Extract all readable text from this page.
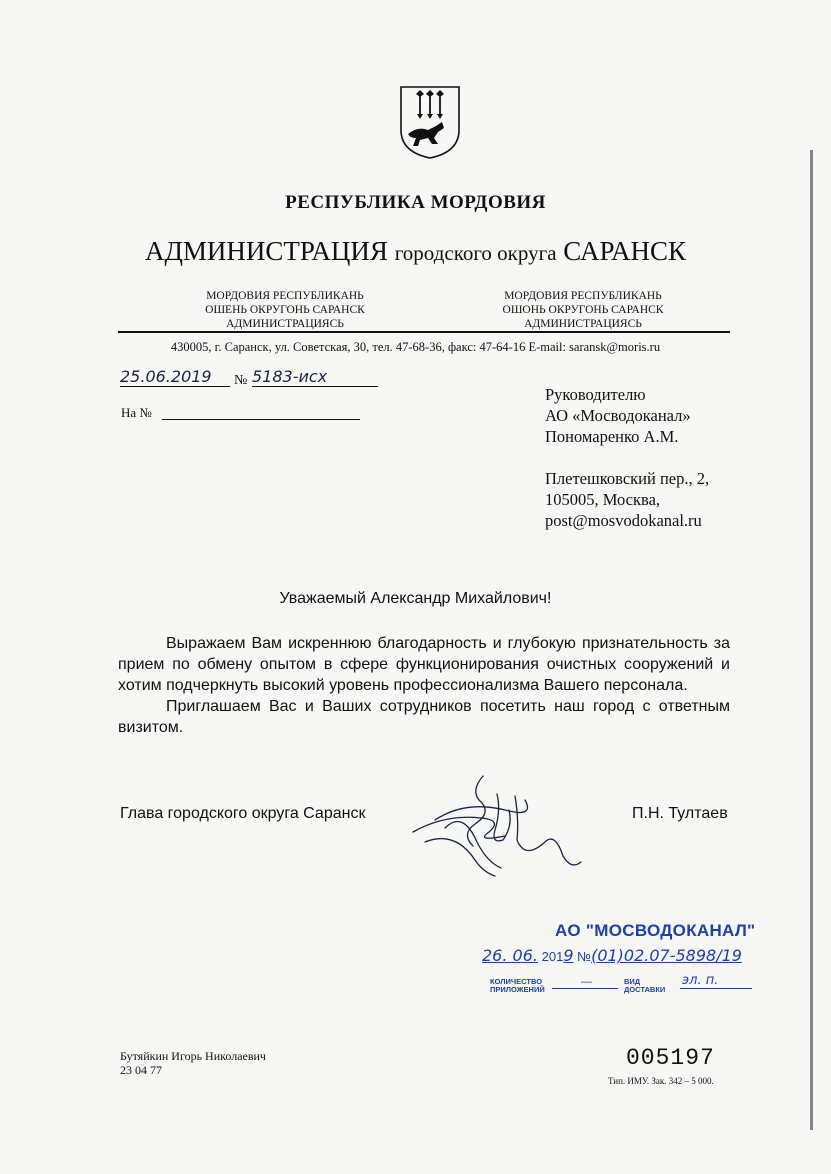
РЕСПУБЛИКА МОРДОВИЯ
АДМИНИСТРАЦИЯ городского округа САРАНСК
МОРДОВИЯ РЕСПУБЛИКАНЬ
ОШЕНЬ ОКРУГОНЬ САРАНСК
АДМИНИСТРАЦИЯСЬ
МОРДОВИЯ РЕСПУБЛИКАНЬ
ОШОНЬ ОКРУГОНЬ САРАНСК
АДМИНИСТРАЦИЯСЬ
430005, г. Саранск, ул. Советская, 30, тел. 47-68-36, факс: 47-64-16 E-mail: saransk@moris.ru
25.06.2019	№ 5183-исх
На №
Руководителю
АО «Мосводоканал»
Пономаренко А.М.
Плетешковский пер., 2,
105005, Москва,
post@mosvodokanal.ru
Уважаемый Александр Михайлович!

Выражаем Вам искреннюю благодарность и глубокую признательность за прием по обмену опытом в сфере функционирования очистных сооружений и хотим подчеркнуть высокий уровень профессионализма Вашего персонала.

Приглашаем Вас и Ваших сотрудников посетить наш город с ответным визитом.

Глава городского округа Саранск	П.Н. Тултаев
АО "МОСВОДОКАНАЛ"
26. 06. 2019 №(01)02.07-5898/19
КОЛИЧЕСТВО
ПРИЛОЖЕНИЙ
—	ВИД
ДОСТАВКИ
эл. п.
Бутяйкин Игорь Николаевич
23 04 77	005197
Тип. ИМУ. Зак. 342 – 5 000.
